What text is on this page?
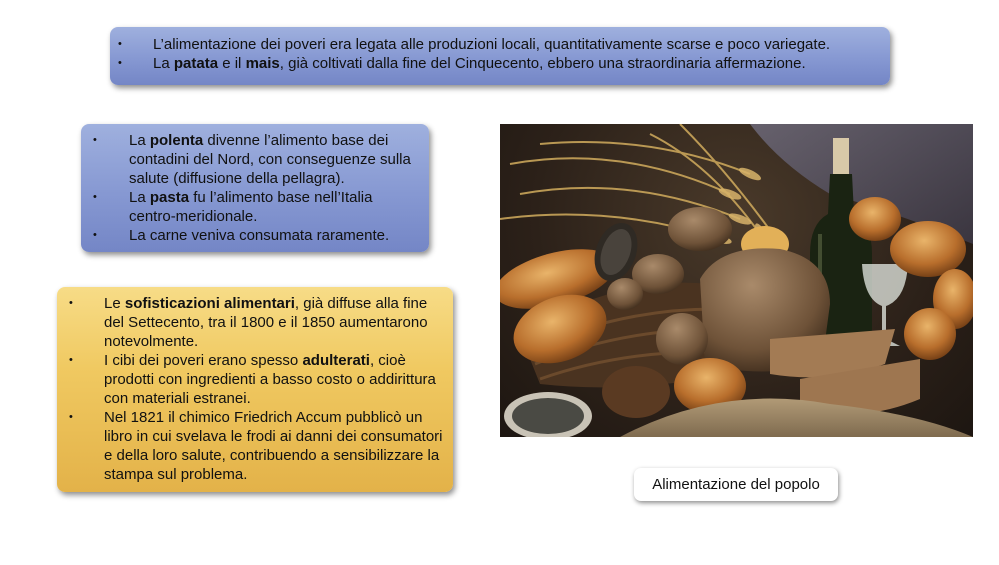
• L’alimentazione dei poveri era legata alle produzioni locali, quantitativamente scarse e poco variegate.
• La patata e il mais, già coltivati dalla fine del Cinquecento, ebbero una straordinaria affermazione.
• La polenta divenne l’alimento base dei contadini del Nord, con conseguenze sulla salute (diffusione della pellagra).
• La pasta fu l’alimento base nell’Italia centro-meridionale.
• La carne veniva consumata raramente.
• Le sofisticazioni alimentari, già diffuse alla fine del Settecento, tra il 1800 e il 1850 aumentarono notevolmente.
• I cibi dei poveri erano spesso adulterati, cioè prodotti con ingredienti a basso costo o addirittura con materiali estranei.
• Nel 1821 il chimico Friedrich Accum pubblicò un libro in cui svelava le frodi ai danni dei consumatori e della loro salute, contribuendo a sensibilizzare la stampa sul problema.
Alimentazione del popolo
